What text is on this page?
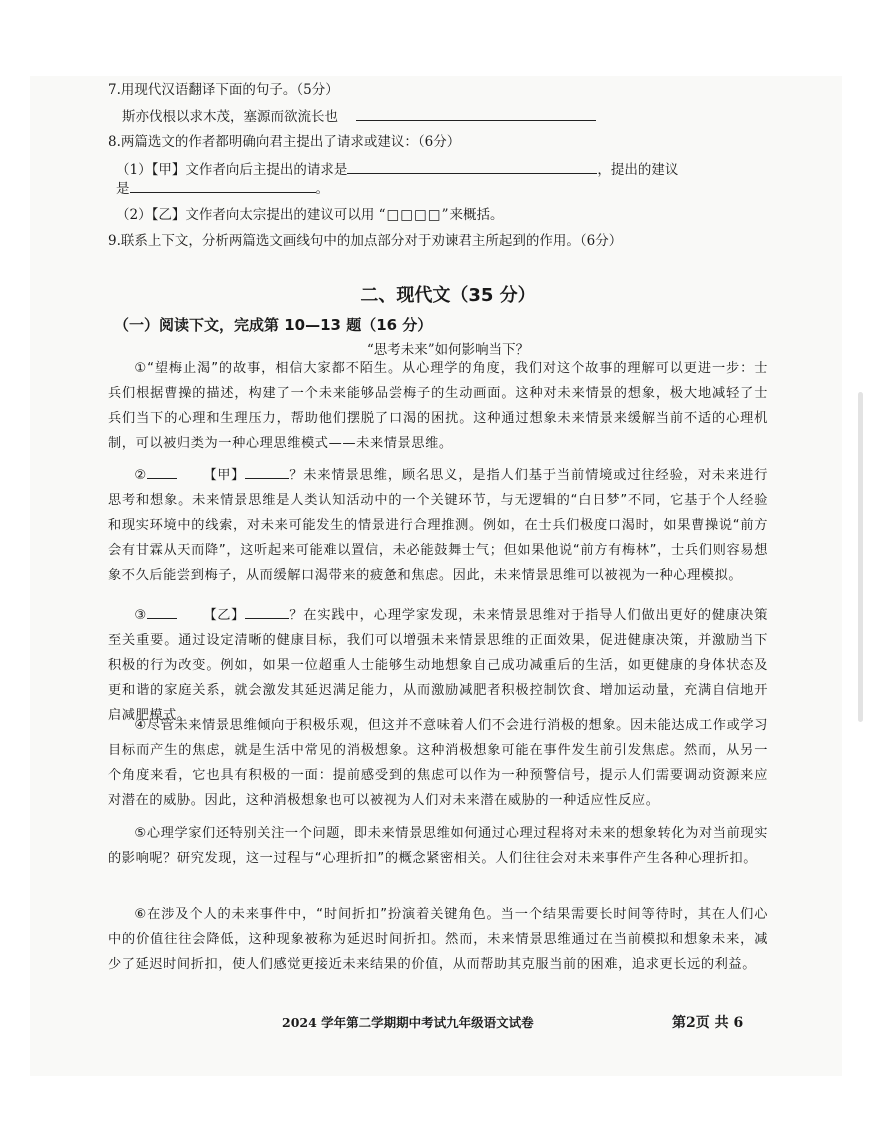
7.用现代汉语翻译下面的句子。（5分）
斯亦伐根以求木茂，塞源而欲流长也
8.两篇选文的作者都明确向君主提出了请求或建议：（6分）
（1）【甲】文作者向后主提出的请求是	，提出的建议
是	。
（2）【乙】文作者向太宗提出的建议可以用 “□□□□”来概括。
9.联系上下文，分析两篇选文画线句中的加点部分对于劝谏君主所起到的作用。（6分）
二、现代文（35 分）
（一）阅读下文，完成第 10—13 题（16 分）
“思考未来”如何影响当下？
①“望梅止渴”的故事，相信大家都不陌生。从心理学的角度，我们对这个故事的理解可以更进一步：士兵们根据曹操的描述，构建了一个未来能够品尝梅子的生动画面。这种对未来情景的想象，极大地减轻了士兵们当下的心理和生理压力，帮助他们摆脱了口渴的困扰。这种通过想象未来情景来缓解当前不适的心理机制，可以被归类为一种心理思维模式——未来情景思维。
②	【甲】	？未来情景思维，顾名思义，是指人们基于当前情境或过往经验，对未来进行思考和想象。未来情景思维是人类认知活动中的一个关键环节，与无逻辑的“白日梦”不同，它基于个人经验和现实环境中的线索，对未来可能发生的情景进行合理推测。例如，在士兵们极度口渴时，如果曹操说“前方会有甘霖从天而降”，这听起来可能难以置信，未必能鼓舞士气；但如果他说“前方有梅林”，士兵们则容易想象不久后能尝到梅子，从而缓解口渴带来的疲惫和焦虑。因此，未来情景思维可以被视为一种心理模拟。
③	【乙】	？在实践中，心理学家发现，未来情景思维对于指导人们做出更好的健康决策至关重要。通过设定清晰的健康目标，我们可以增强未来情景思维的正面效果，促进健康决策，并激励当下积极的行为改变。例如，如果一位超重人士能够生动地想象自己成功减重后的生活，如更健康的身体状态及更和谐的家庭关系，就会激发其延迟满足能力，从而激励减肥者积极控制饮食、增加运动量，充满自信地开启减肥模式。
④尽管未来情景思维倾向于积极乐观，但这并不意味着人们不会进行消极的想象。因未能达成工作或学习目标而产生的焦虑，就是生活中常见的消极想象。这种消极想象可能在事件发生前引发焦虑。然而，从另一个角度来看，它也具有积极的一面：提前感受到的焦虑可以作为一种预警信号，提示人们需要调动资源来应对潜在的威胁。因此，这种消极想象也可以被视为人们对未来潜在威胁的一种适应性反应。
⑤心理学家们还特别关注一个问题，即未来情景思维如何通过心理过程将对未来的想象转化为对当前现实的影响呢？研究发现，这一过程与“心理折扣”的概念紧密相关。人们往往会对未来事件产生各种心理折扣。
⑥在涉及个人的未来事件中，“时间折扣”扮演着关键角色。当一个结果需要长时间等待时，其在人们心中的价值往往会降低，这种现象被称为延迟时间折扣。然而，未来情景思维通过在当前模拟和想象未来，减少了延迟时间折扣，使人们感觉更接近未来结果的价值，从而帮助其克服当前的困难，追求更长远的利益。
2024 学年第二学期期中考试九年级语文试卷	第2页 共 6
